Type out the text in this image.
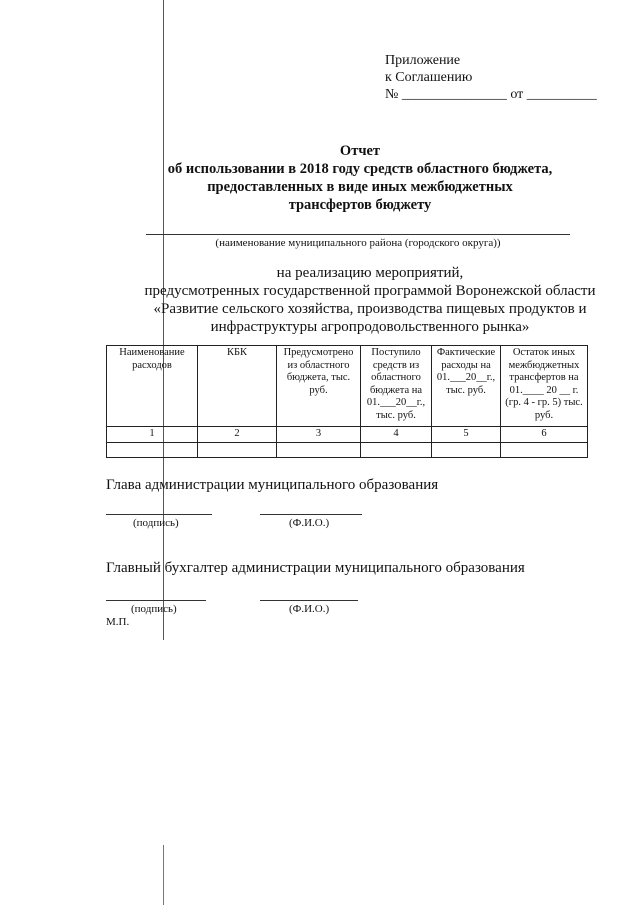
Приложение
к Соглашению
№ _______________ от __________
Отчет
об использовании в 2018 году средств областного бюджета,
предоставленных в виде иных межбюджетных
трансфертов бюджету
(наименование муниципального района (городского округа))
на реализацию мероприятий,
предусмотренных государственной программой Воронежской области
«Развитие сельского хозяйства, производства пищевых продуктов и
инфраструктуры агропродовольственного рынка»
Наименование расходов	КБК	Предусмотрено из областного бюджета, тыс. руб.	Поступило средств из областного бюджета на 01.___20__г., тыс. руб.	Фактические расходы на 01.___20__г., тыс. руб.	Остаток иных межбюджетных трансфертов на 01.____ 20 __ г. (гр. 4 - гр. 5) тыс. руб.
1	2	3	4	5	6

Глава администрации муниципального образования
(подпись)	(Ф.И.О.)
Главный бухгалтер администрации муниципального образования
(подпись)	(Ф.И.О.)
М.П.
